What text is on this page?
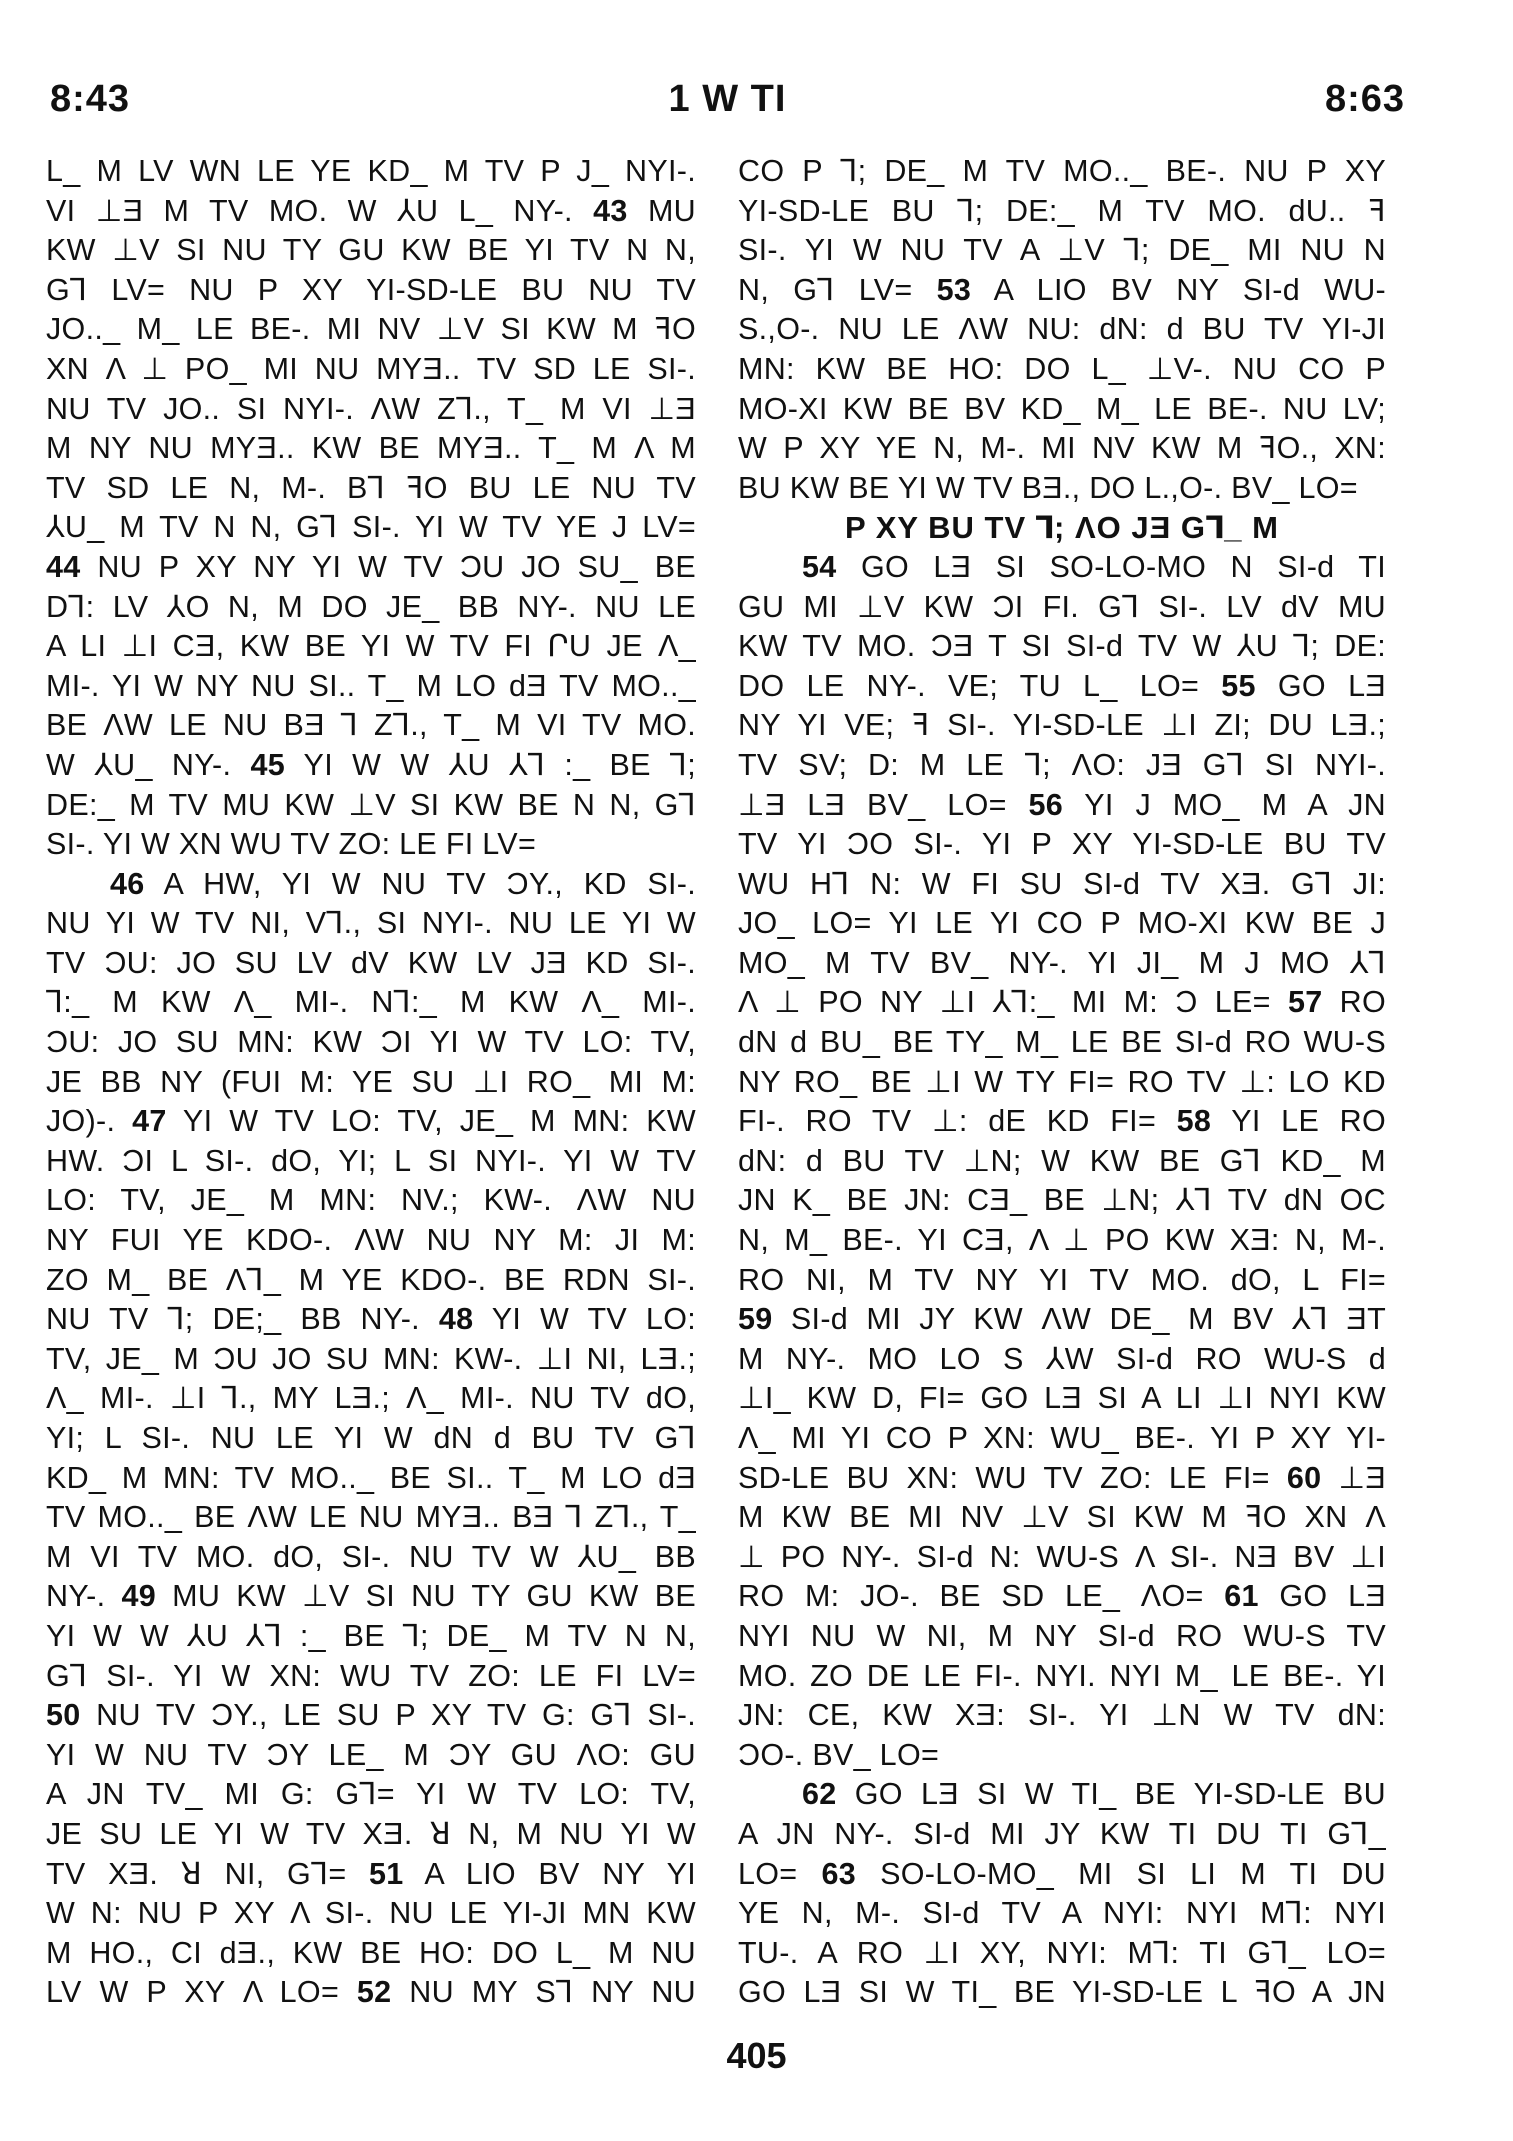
8:43	1 W TI	8:63
L_ M LV WN LE YE KD_ M TV P J_ NYI-.
VI ⊥Ǝ M TV MO. W ⅄U L_ NY-. 43 MU
KW ⊥V SI NU TY GU KW BE YI TV N N,
G⅂ LV= NU P XY YI-SD-LE BU NU TV
JO.._ M_ LE BE-. MI NV ⊥V SI KW M ꟻO
XN Λ ⊥ PO_ MI NU MYƎ.. TV SD LE SI-.
NU TV JO.. SI NYI-. ΛW Z⅂., T_ M VI ⊥Ǝ
M NY NU MYƎ.. KW BE MYƎ.. T_ M Λ M
TV SD LE N, M-. B⅂ ꟻO BU LE NU TV
⅄U_ M TV N N, G⅂ SI-. YI W TV YE J LV=
44 NU P XY NY YI W TV ƆU JO SU_ BE
D⅂: LV ⅄O N, M DO JE_ BB NY-. NU LE
A LI ⊥I CƎ, KW BE YI W TV FI ՐU JE Λ_
MI-. YI W NY NU SI.. T_ M LO dƎ TV MO.._
BE ΛW LE NU BƎ ⅂ Z⅂., T_ M VI TV MO.
W ⅄U_ NY-. 45 YI W W ⅄U ⅄⅂ :_ BE ⅂;
DE:_ M TV MU KW ⊥V SI KW BE N N, G⅂
SI-. YI W XN WU TV ZO: LE FI LV=
46 A HW, YI W NU TV ƆY., KD SI-.
NU YI W TV NI, V⅂., SI NYI-. NU LE YI W
TV ƆU: JO SU LV dV KW LV JƎ KD SI-.
⅂:_ M KW Λ_ MI-. N⅂:_ M KW Λ_ MI-.
ƆU: JO SU MN: KW ƆI YI W TV LO: TV,
JE BB NY (FUI M: YE SU ⊥I RO_ MI M:
JO)-. 47 YI W TV LO: TV, JE_ M MN: KW
HW. ƆI L SI-. dO, YI; L SI NYI-. YI W TV
LO: TV, JE_ M MN: NV.; KW-. ΛW NU
NY FUI YE KDO-. ΛW NU NY M: JI M:
ZO M_ BE Λ⅂_ M YE KDO-. BE RDN SI-.
NU TV ⅂; DE;_ BB NY-. 48 YI W TV LO:
TV, JE_ M ƆU JO SU MN: KW-. ⊥I NI, LƎ.;
Λ_ MI-. ⊥I ⅂., MY LƎ.; Λ_ MI-. NU TV dO,
YI; L SI-. NU LE YI W dN d BU TV G⅂
KD_ M MN: TV MO.._ BE SI.. T_ M LO dƎ
TV MO.._ BE ΛW LE NU MYƎ.. BƎ ⅂ Z⅂., T_
M VI TV MO. dO, SI-. NU TV W ⅄U_ BB
NY-. 49 MU KW ⊥V SI NU TY GU KW BE
YI W W ⅄U ⅄⅂ :_ BE ⅂; DE_ M TV N N,
G⅂ SI-. YI W XN: WU TV ZO: LE FI LV=
50 NU TV ƆY., LE SU P XY TV G: G⅂ SI-.
YI W NU TV ƆY LE_ M ƆY GU ΛO: GU
A JN TV_ MI G: G⅂= YI W TV LO: TV,
JE SU LE YI W TV XƎ. ꓤ N, M NU YI W
TV XƎ. ꓤ NI, G⅂= 51 A LIO BV NY YI
W N: NU P XY Λ SI-. NU LE YI-JI MN KW
M HO., CI dƎ., KW BE HO: DO L_ M NU
LV W P XY Λ LO= 52 NU MY S⅂ NY NU
CO P ⅂; DE_ M TV MO.._ BE-. NU P XY
YI-SD-LE BU ⅂; DE:_ M TV MO. dU.. ꟻ
SI-. YI W NU TV A ⊥V ⅂; DE_ MI NU N
N, G⅂ LV= 53 A LIO BV NY SI-d WU-
S.,O-. NU LE ΛW NU: dN: d BU TV YI-JI
MN: KW BE HO: DO L_ ⊥V-. NU CO P
MO-XI KW BE BV KD_ M_ LE BE-. NU LV;
W P XY YE N, M-. MI NV KW M ꟻO., XN:
BU KW BE YI W TV BƎ., DO L.,O-. BV_ LO=
P XY BU TV ⅂; ΛO JƎ G⅂_ M
54 GO LƎ SI SO-LO-MO N SI-d TI
GU MI ⊥V KW ƆI FI. G⅂ SI-. LV dV MU
KW TV MO. ƆƎ T SI SI-d TV W ⅄U ⅂; DE:
DO LE NY-. VE; TU L_ LO= 55 GO LƎ
NY YI VE; ꟻ SI-. YI-SD-LE ⊥I ZI; DU LƎ.;
TV SV; D: M LE ⅂; ΛO: JƎ G⅂ SI NYI-.
⊥Ǝ LƎ BV_ LO= 56 YI J MO_ M A JN
TV YI ƆO SI-. YI P XY YI-SD-LE BU TV
WU H⅂ N: W FI SU SI-d TV XƎ. G⅂ JI:
JO_ LO= YI LE YI CO P MO-XI KW BE J
MO_ M TV BV_ NY-. YI JI_ M J MO ⅄⅂
Λ ⊥ PO NY ⊥I ⅄⅂:_ MI M: Ɔ LE= 57 RO
dN d BU_ BE TY_ M_ LE BE SI-d RO WU-S
NY RO_ BE ⊥I W TY FI= RO TV ⊥: LO KD
FI-. RO TV ⊥: dE KD FI= 58 YI LE RO
dN: d BU TV ⊥N; W KW BE G⅂ KD_ M
JN K_ BE JN: CƎ_ BE ⊥N; ⅄⅂ TV dN OC
N, M_ BE-. YI CƎ, Λ ⊥ PO KW XƎ: N, M-.
RO NI, M TV NY YI TV MO. dO, L FI=
59 SI-d MI JY KW ΛW DE_ M BV ⅄⅂ ƎT
M NY-. MO LO S ⅄W SI-d RO WU-S d
⊥I_ KW D, FI= GO LƎ SI A LI ⊥I NYI KW
Λ_ MI YI CO P XN: WU_ BE-. YI P XY YI-
SD-LE BU XN: WU TV ZO: LE FI= 60 ⊥Ǝ
M KW BE MI NV ⊥V SI KW M ꟻO XN Λ
⊥ PO NY-. SI-d N: WU-S Λ SI-. NƎ BV ⊥I
RO M: JO-. BE SD LE_ ΛO= 61 GO LƎ
NYI NU W NI, M NY SI-d RO WU-S TV
MO. ZO DE LE FI-. NYI. NYI M_ LE BE-. YI
JN: CE, KW XƎ: SI-. YI ⊥N W TV dN:
ƆO-. BV_ LO=
62 GO LƎ SI W TI_ BE YI-SD-LE BU
A JN NY-. SI-d MI JY KW TI DU TI G⅂_
LO= 63 SO-LO-MO_ MI SI LI M TI DU
YE N, M-. SI-d TV A NYI: NYI M⅂: NYI
TU-. A RO ⊥I XY, NYI: M⅂: TI G⅂_ LO=
GO LƎ SI W TI_ BE YI-SD-LE L ꟻO A JN
405
